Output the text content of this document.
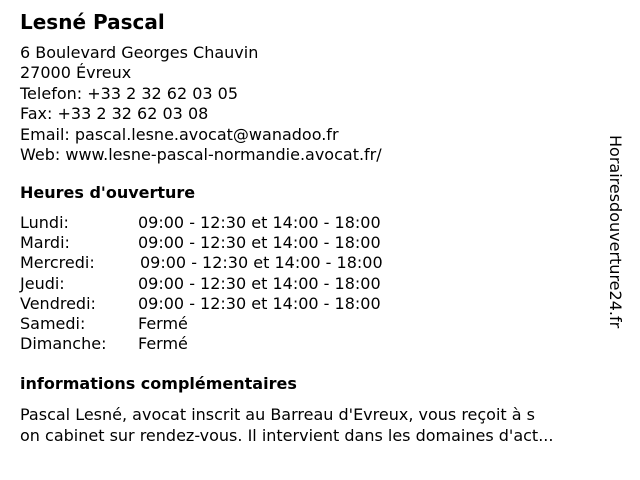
Lesné Pascal
6 Boulevard Georges Chauvin
27000 Évreux
Telefon: +33 2 32 62 03 05
Fax: +33 2 32 62 03 08
Email: pascal.lesne.avocat@wanadoo.fr
Web: www.lesne-pascal-normandie.avocat.fr/
Heures d'ouverture
Lundi:	09:00 - 12:30 et 14:00 - 18:00
Mardi:	09:00 - 12:30 et 14:00 - 18:00
Mercredi:	09:00 - 12:30 et 14:00 - 18:00
Jeudi:	09:00 - 12:30 et 14:00 - 18:00
Vendredi:	09:00 - 12:30 et 14:00 - 18:00
Samedi:	Fermé
Dimanche: Fermé
informations complémentaires
Pascal Lesné, avocat inscrit au Barreau d'Evreux, vous reçoit à s
on cabinet sur rendez-vous. Il intervient dans les domaines d'act...
Horairesdouverture24.fr
